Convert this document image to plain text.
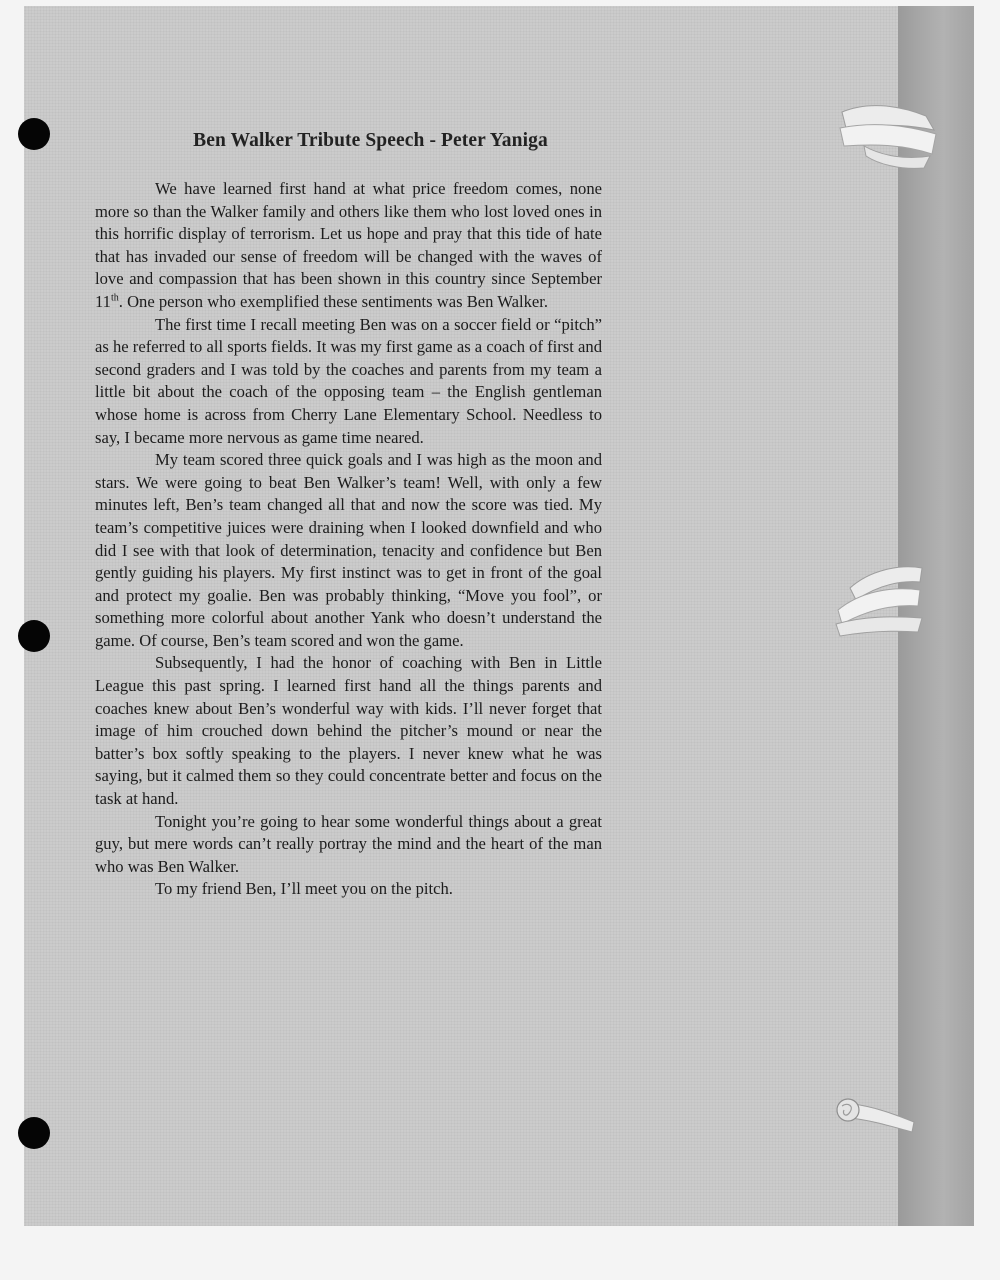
Ben Walker Tribute Speech - Peter Yaniga

We have learned first hand at what price freedom comes, none more so than the Walker family and others like them who lost loved ones in this horrific display of terrorism. Let us hope and pray that this tide of hate that has invaded our sense of freedom will be changed with the waves of love and compassion that has been shown in this country since September 11th. One person who exemplified these sentiments was Ben Walker.

The first time I recall meeting Ben was on a soccer field or “pitch” as he referred to all sports fields. It was my first game as a coach of first and second graders and I was told by the coaches and parents from my team a little bit about the coach of the opposing team – the English gentleman whose home is across from Cherry Lane Elementary School. Needless to say, I became more nervous as game time neared.

My team scored three quick goals and I was high as the moon and stars. We were going to beat Ben Walker’s team! Well, with only a few minutes left, Ben’s team changed all that and now the score was tied. My team’s competitive juices were draining when I looked downfield and who did I see with that look of determination, tenacity and confidence but Ben gently guiding his players. My first instinct was to get in front of the goal and protect my goalie. Ben was probably thinking, “Move you fool”, or something more colorful about another Yank who doesn’t understand the game. Of course, Ben’s team scored and won the game.

Subsequently, I had the honor of coaching with Ben in Little League this past spring. I learned first hand all the things parents and coaches knew about Ben’s wonderful way with kids. I’ll never forget that image of him crouched down behind the pitcher’s mound or near the batter’s box softly speaking to the players. I never knew what he was saying, but it calmed them so they could concentrate better and focus on the task at hand.

Tonight you’re going to hear some wonderful things about a great guy, but mere words can’t really portray the mind and the heart of the man who was Ben Walker.

To my friend Ben, I’ll meet you on the pitch.
